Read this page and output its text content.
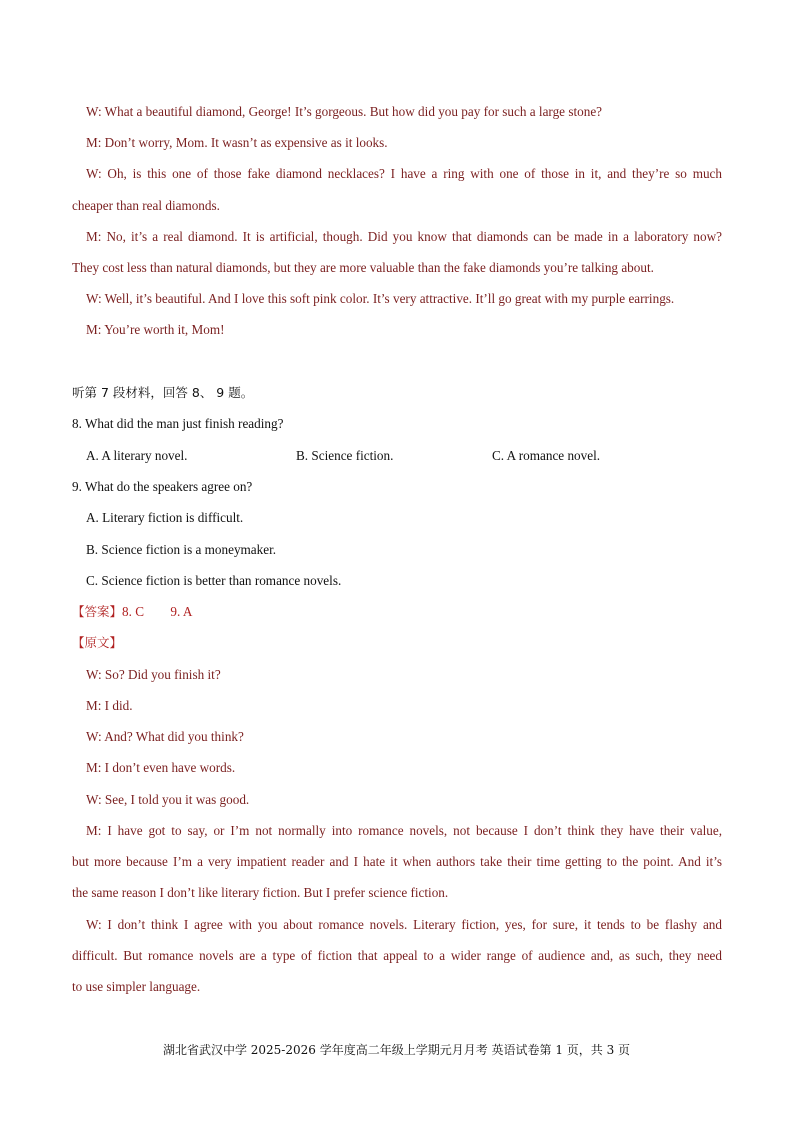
W: What a beautiful diamond, George! It’s gorgeous. But how did you pay for such a large stone?
M: Don’t worry, Mom. It wasn’t as expensive as it looks.
W: Oh, is this one of those fake diamond necklaces? I have a ring with one of those in it, and they’re so much
cheaper than real diamonds.
M: No, it’s a real diamond. It is artificial, though. Did you know that diamonds can be made in a laboratory now?
They cost less than natural diamonds, but they are more valuable than the fake diamonds you’re talking about.
W: Well, it’s beautiful. And I love this soft pink color. It’s very attractive. It’ll go great with my purple earrings.
M: You’re worth it, Mom!
听第 7 段材料，回答 8、 9 题。
8. What did the man just finish reading?
A. A literary novel.	B. Science fiction.	C. A romance novel.
9. What do the speakers agree on?
A. Literary fiction is difficult.
B. Science fiction is a moneymaker.
C. Science fiction is better than romance novels.
【答案】8. C        9. A
【原文】
W: So? Did you finish it?
M: I did.
W: And? What did you think?
M: I don’t even have words.
W: See, I told you it was good.
M: I have got to say, or I’m not normally into romance novels, not because I don’t think they have their value,
but more because I’m a very impatient reader and I hate it when authors take their time getting to the point. And it’s
the same reason I don’t like literary fiction. But I prefer science fiction.
W: I don’t think I agree with you about romance novels. Literary fiction, yes, for sure, it tends to be flashy and
difficult. But romance novels are a type of fiction that appeal to a wider range of audience and, as such, they need
to use simpler language.
湖北省武汉中学 2025-2026 学年度高二年级上学期元月月考 英语试卷第 1 页，共 3 页
